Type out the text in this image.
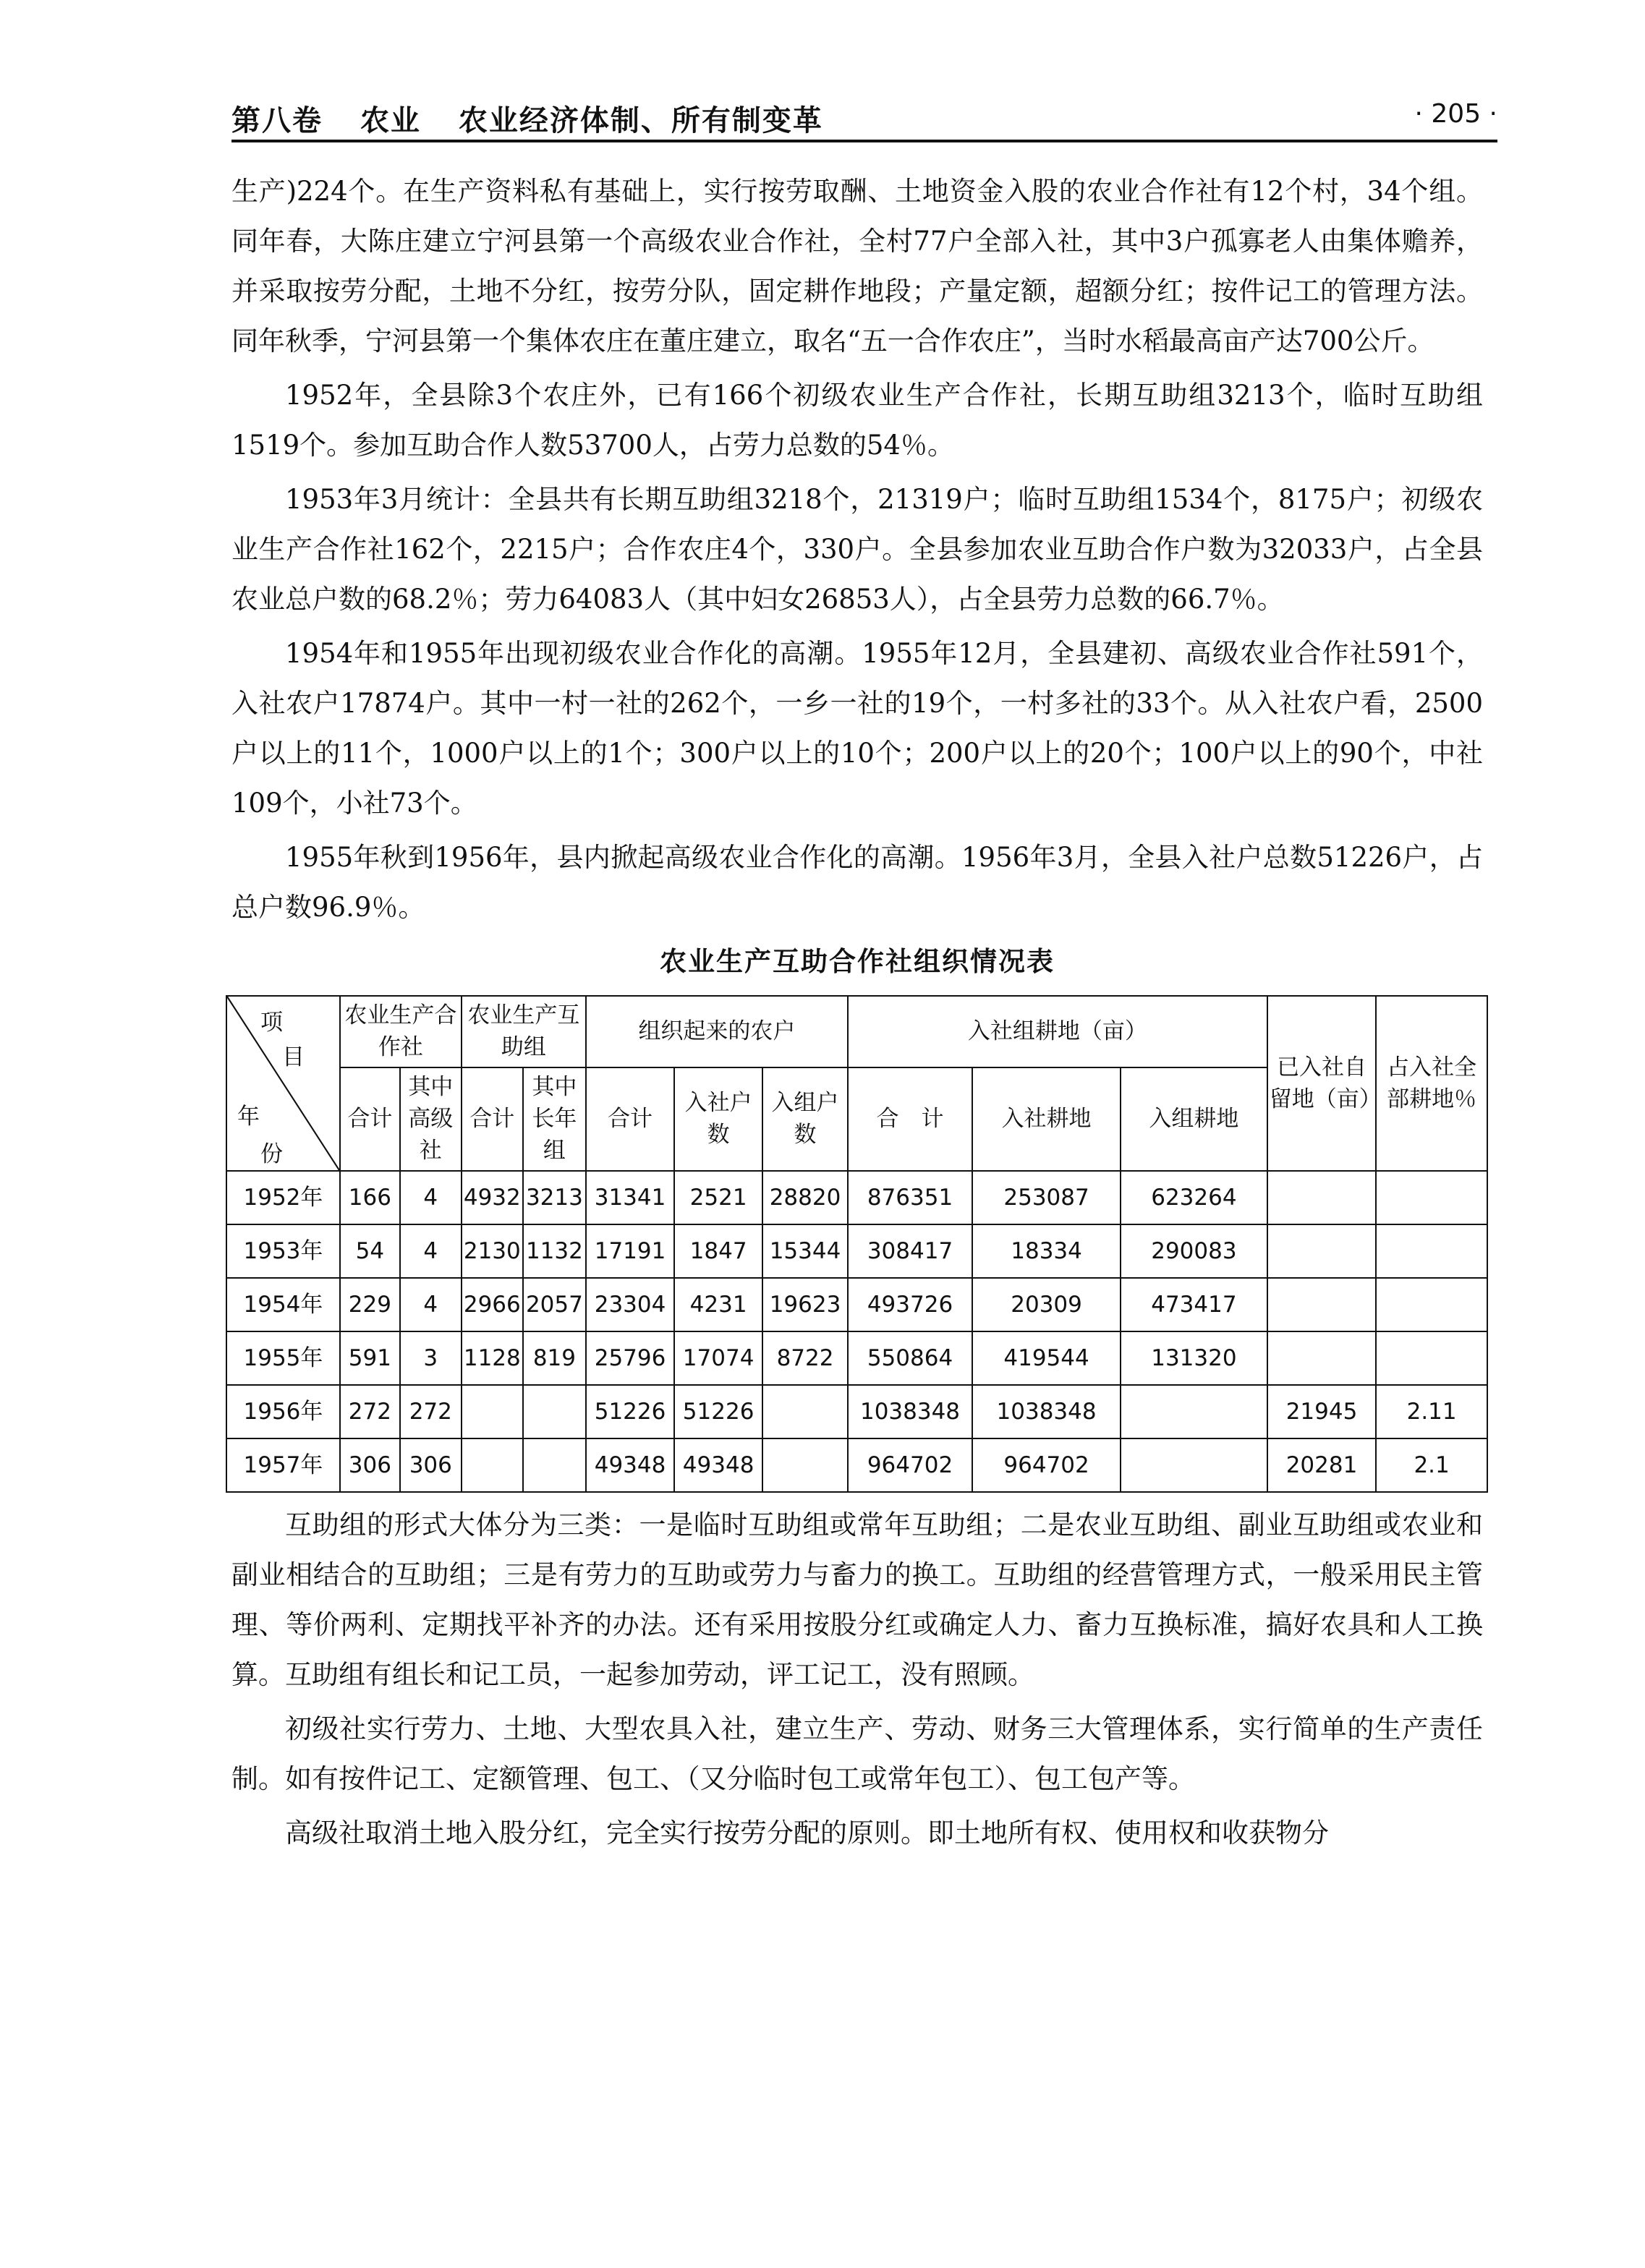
第八卷 农业 农业经济体制、所有制变革	· 205 ·

生产)224个。在生产资料私有基础上，实行按劳取酬、土地资金入股的农业合作社有12个村，34个组。同年春，大陈庄建立宁河县第一个高级农业合作社，全村77户全部入社，其中3户孤寡老人由集体赡养，并采取按劳分配，土地不分红，按劳分队，固定耕作地段；产量定额，超额分红；按件记工的管理方法。同年秋季，宁河县第一个集体农庄在董庄建立，取名“五一合作农庄”，当时水稻最高亩产达700公斤。

1952年，全县除3个农庄外，已有166个初级农业生产合作社，长期互助组3213个，临时互助组1519个。参加互助合作人数53700人，占劳力总数的54％。

1953年3月统计：全县共有长期互助组3218个，21319户；临时互助组1534个，8175户；初级农业生产合作社162个，2215户；合作农庄4个，330户。全县参加农业互助合作户数为32033户，占全县农业总户数的68.2％；劳力64083人（其中妇女26853人），占全县劳力总数的66.7％。

1954年和1955年出现初级农业合作化的高潮。1955年12月，全县建初、高级农业合作社591个，入社农户17874户。其中一村一社的262个，一乡一社的19个，一村多社的33个。从入社农户看，2500户以上的11个，1000户以上的1个；300户以上的10个；200户以上的20个；100户以上的90个，中社109个，小社73个。

1955年秋到1956年，县内掀起高级农业合作化的高潮。1956年3月，全县入社户总数51226户，占总户数96.9％。

农业生产互助合作社组织情况表
项
目
年
份	农业生产合作社		农业生产互助组		组织起来的农户			入社组耕地（亩）			已入社自留地（亩）	占入社全部耕地％
	合计	其中高级社	合计	其中长年组	合计	入社户数	入组户数	合　计	入社耕地	入组耕地		
1952年	166	4	4932	3213	31341	2521	28820	876351	253087	623264		
1953年	54	4	2130	1132	17191	1847	15344	308417	18334	290083		
1954年	229	4	2966	2057	23304	4231	19623	493726	20309	473417		
1955年	591	3	1128	819	25796	17074	8722	550864	419544	131320		
1956年	272	272			51226	51226		1038348	1038348		21945	2.11
1957年	306	306			49348	49348		964702	964702		20281	2.1

互助组的形式大体分为三类：一是临时互助组或常年互助组；二是农业互助组、副业互助组或农业和副业相结合的互助组；三是有劳力的互助或劳力与畜力的换工。互助组的经营管理方式，一般采用民主管理、等价两利、定期找平补齐的办法。还有采用按股分红或确定人力、畜力互换标准，搞好农具和人工换算。互助组有组长和记工员，一起参加劳动，评工记工，没有照顾。

初级社实行劳力、土地、大型农具入社，建立生产、劳动、财务三大管理体系，实行简单的生产责任制。如有按件记工、定额管理、包工、（又分临时包工或常年包工）、包工包产等。

高级社取消土地入股分红，完全实行按劳分配的原则。即土地所有权、使用权和收获物分
